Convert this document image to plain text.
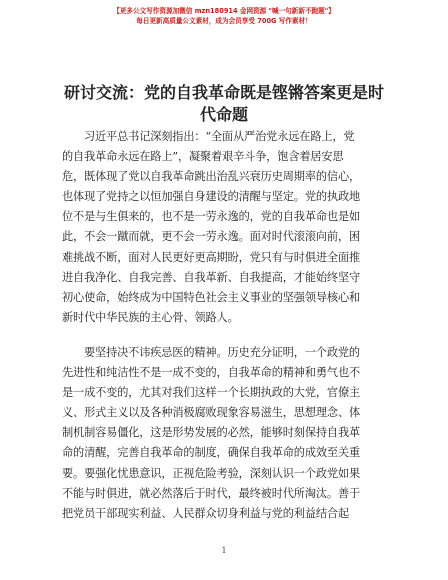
【更多公文写作资源加微信 mzn180914 金网资源 "喊一句新新不跑题"】
每日更新高质量公文素材，成为会员享受 700G 写作素材！
研讨交流：党的自我革命既是铿锵答案更是时
代命题
习近平总书记深刻指出：“全面从严治党永远在路上，党
的自我革命永远在路上”，凝聚着艰辛斗争，饱含着居安思
危，既体现了党以自我革命跳出治乱兴衰历史周期率的信心，
也体现了党持之以恒加强自身建设的清醒与坚定。党的执政地
位不是与生俱来的，也不是一劳永逸的，党的自我革命也是如
此，不会一蹴而就，更不会一劳永逸。面对时代滚滚向前，困
难挑战不断，面对人民更好更高期盼，党只有与时俱进全面推
进自我净化、自我完善、自我革新、自我提高，才能始终坚守
初心使命，始终成为中国特色社会主义事业的坚强领导核心和
新时代中华民族的主心骨、领路人。
要坚持决不讳疾忌医的精神。历史充分证明，一个政党的
先进性和纯洁性不是一成不变的，自我革命的精神和勇气也不
是一成不变的，尤其对我们这样一个长期执政的大党，官僚主
义、形式主义以及各种消极腐败现象容易滋生，思想理念、体
制机制容易僵化，这是形势发展的必然，能够时刻保持自我革
命的清醒，完善自我革命的制度，确保自我革命的成效至关重
要。要强化忧患意识，正视危险考验，深刻认识一个政党如果
不能与时俱进，就必然落后于时代，最终被时代所淘汰。善于
把党员干部现实利益、人民群众切身利益与党的利益结合起
1
